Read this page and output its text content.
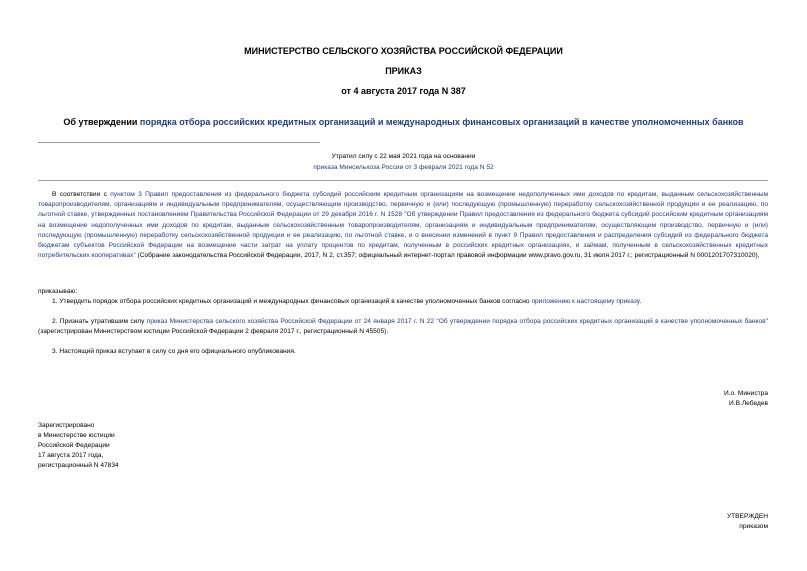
МИНИСТЕРСТВО СЕЛЬСКОГО ХОЗЯЙСТВА РОССИЙСКОЙ ФЕДЕРАЦИИ
ПРИКАЗ
от 4 августа 2017 года N 387
Об утверждении порядка отбора российских кредитных организаций и международных финансовых организаций в качестве уполномоченных банков
Утратил силу с 22 мая 2021 года на основании
приказа Минсельхоза России от 3 февраля 2021 года N 52
В соответствии с пунктом 3 Правил предоставления из федерального бюджета субсидий российским кредитным организациям на возмещение недополученных ими доходов по кредитам, выданным сельскохозяйственным товаропроизводителям, организациям и индивидуальным предпринимателям, осуществляющим производство, первичную и (или) последующую (промышленную) переработку сельскохозяйственной продукции и ее реализацию, по льготной ставке, утвержденных постановлением Правительства Российской Федерации от 29 декабря 2016 г. N 1528 "Об утверждении Правил предоставления из федерального бюджета субсидий российским кредитным организациям на возмещение недополученных ими доходов по кредитам, выданным сельскохозяйственным товаропроизводителям, организациям и индивидуальным предпринимателям, осуществляющим производство, первичную и (или) последующую (промышленную) переработку сельскохозяйственной продукции и ее реализацию, по льготной ставке, и о внесении изменений в пункт 9 Правил предоставления и распределения субсидий из федерального бюджета бюджетам субъектов Российской Федерации на возмещение части затрат на уплату процентов по кредитам, полученным в российских кредитных организациях, и займам, полученным в сельскохозяйственных кредитных потребительских кооперативах" (Собрание законодательства Российской Федерации, 2017, N 2, ст.357; официальный интернет-портал правовой информации www.pravo.gov.ru, 31 июля 2017 г.; регистрационный N 0001201707310020),
приказываю:
1. Утвердить порядок отбора российских кредитных организаций и международных финансовых организаций в качестве уполномоченных банков согласно приложению к настоящему приказу.
2. Признать утратившим силу приказ Министерства сельского хозяйства Российской Федерации от 24 января 2017 г. N 22 "Об утверждении порядка отбора российских кредитных организаций в качестве уполномоченных банков" (зарегистрирован Министерством юстиции Российской Федерации 2 февраля 2017 г., регистрационный N 45505).
3. Настоящий приказ вступает в силу со дня его официального опубликования.
И.о. Министра
И.В.Лебедев
Зарегистрировано
в Министерстве юстиции
Российской Федерации
17 августа 2017 года,
регистрационный N 47834
УТВЕРЖДЕН
приказом
